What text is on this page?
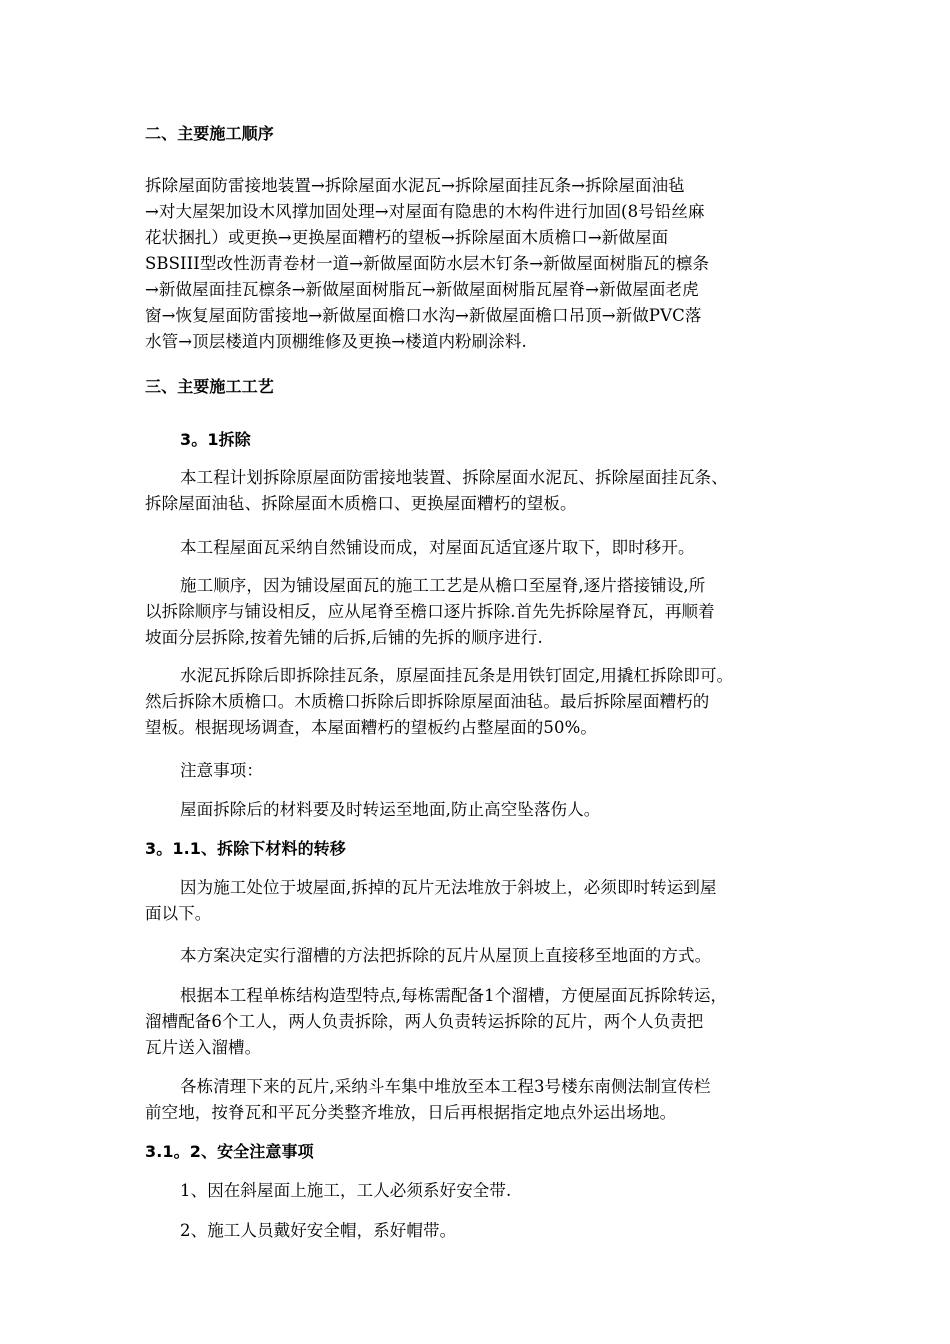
二、主要施工顺序
拆除屋面防雷接地装置→拆除屋面水泥瓦→拆除屋面挂瓦条→拆除屋面油毡
→对大屋架加设木风撑加固处理→对屋面有隐患的木构件进行加固(8号铅丝麻
花状捆扎）或更换→更换屋面糟朽的望板→拆除屋面木质檐口→新做屋面
SBSIII型改性沥青卷材一道→新做屋面防水层木钉条→新做屋面树脂瓦的檩条
→新做屋面挂瓦檩条→新做屋面树脂瓦→新做屋面树脂瓦屋脊→新做屋面老虎
窗→恢复屋面防雷接地→新做屋面檐口水沟→新做屋面檐口吊顶→新做PVC落
水管→顶层楼道内顶棚维修及更换→楼道内粉刷涂料.
三、主要施工工艺
3。1拆除
本工程计划拆除原屋面防雷接地装置、拆除屋面水泥瓦、拆除屋面挂瓦条、
拆除屋面油毡、拆除屋面木质檐口、更换屋面糟朽的望板。
本工程屋面瓦采纳自然铺设而成，对屋面瓦适宜逐片取下，即时移开。
施工顺序，因为铺设屋面瓦的施工工艺是从檐口至屋脊,逐片搭接铺设,所
以拆除顺序与铺设相反，应从尾脊至檐口逐片拆除.首先先拆除屋脊瓦，再顺着
坡面分层拆除,按着先铺的后拆,后铺的先拆的顺序进行.
水泥瓦拆除后即拆除挂瓦条，原屋面挂瓦条是用铁钉固定,用撬杠拆除即可。
然后拆除木质檐口。木质檐口拆除后即拆除原屋面油毡。最后拆除屋面糟朽的
望板。根据现场调查，本屋面糟朽的望板约占整屋面的50%。
注意事项：
屋面拆除后的材料要及时转运至地面,防止高空坠落伤人。
3。1.1、拆除下材料的转移
因为施工处位于坡屋面,拆掉的瓦片无法堆放于斜坡上，必须即时转运到屋
面以下。
本方案决定实行溜槽的方法把拆除的瓦片从屋顶上直接移至地面的方式。
根据本工程单栋结构造型特点,每栋需配备1个溜槽，方便屋面瓦拆除转运，
溜槽配备6个工人，两人负责拆除，两人负责转运拆除的瓦片，两个人负责把
瓦片送入溜槽。
各栋清理下来的瓦片,采纳斗车集中堆放至本工程3号楼东南侧法制宣传栏
前空地，按脊瓦和平瓦分类整齐堆放，日后再根据指定地点外运出场地。
3.1。2、安全注意事项
1、因在斜屋面上施工，工人必须系好安全带.
2、施工人员戴好安全帽，系好帽带。
